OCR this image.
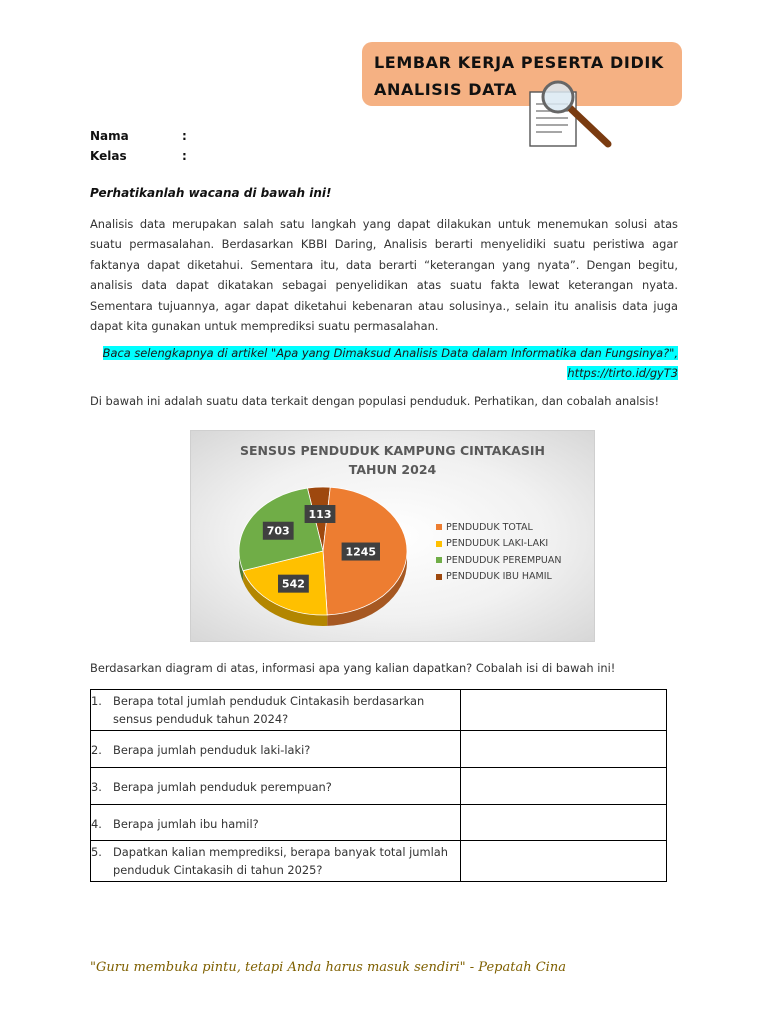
LEMBAR KERJA PESERTA DIDIK
ANALISIS DATA
Nama	:
Kelas	:
Perhatikanlah wacana di bawah ini!
Analisis data merupakan salah satu langkah yang dapat dilakukan untuk menemukan solusi atas suatu permasalahan. Berdasarkan KBBI Daring, Analisis berarti menyelidiki suatu peristiwa agar faktanya dapat diketahui. Sementara itu, data berarti “keterangan yang nyata”. Dengan begitu, analisis data dapat dikatakan sebagai penyelidikan atas suatu fakta lewat keterangan nyata. Sementara tujuannya, agar dapat diketahui kebenaran atau solusinya., selain itu analisis data juga dapat kita gunakan untuk memprediksi suatu permasalahan.
Baca selengkapnya di artikel "Apa yang Dimaksud Analisis Data dalam Informatika dan Fungsinya?",
https://tirto.id/gyT3
Di bawah ini adalah suatu data terkait dengan populasi penduduk. Perhatikan, dan cobalah analsis!
SENSUS PENDUDUK KAMPUNG CINTAKASIH
TAHUN 2024
113
1245
542
703	PENDUDUK TOTAL
PENDUDUK LAKI-LAKI
PENDUDUK PEREMPUAN
PENDUDUK IBU HAMIL
Berdasarkan diagram di atas, informasi apa yang kalian dapatkan? Cobalah isi di bawah ini!
1. Berapa total jumlah penduduk Cintakasih berdasarkan sensus penduduk tahun 2024?	

2. Berapa jumlah penduduk laki-laki?	

3. Berapa jumlah penduduk perempuan?	

4. Berapa jumlah ibu hamil?	

5. Dapatkan kalian memprediksi, berapa banyak total jumlah penduduk Cintakasih di tahun 2025?	

"Guru membuka pintu, tetapi Anda harus masuk sendiri" - Pepatah Cina
